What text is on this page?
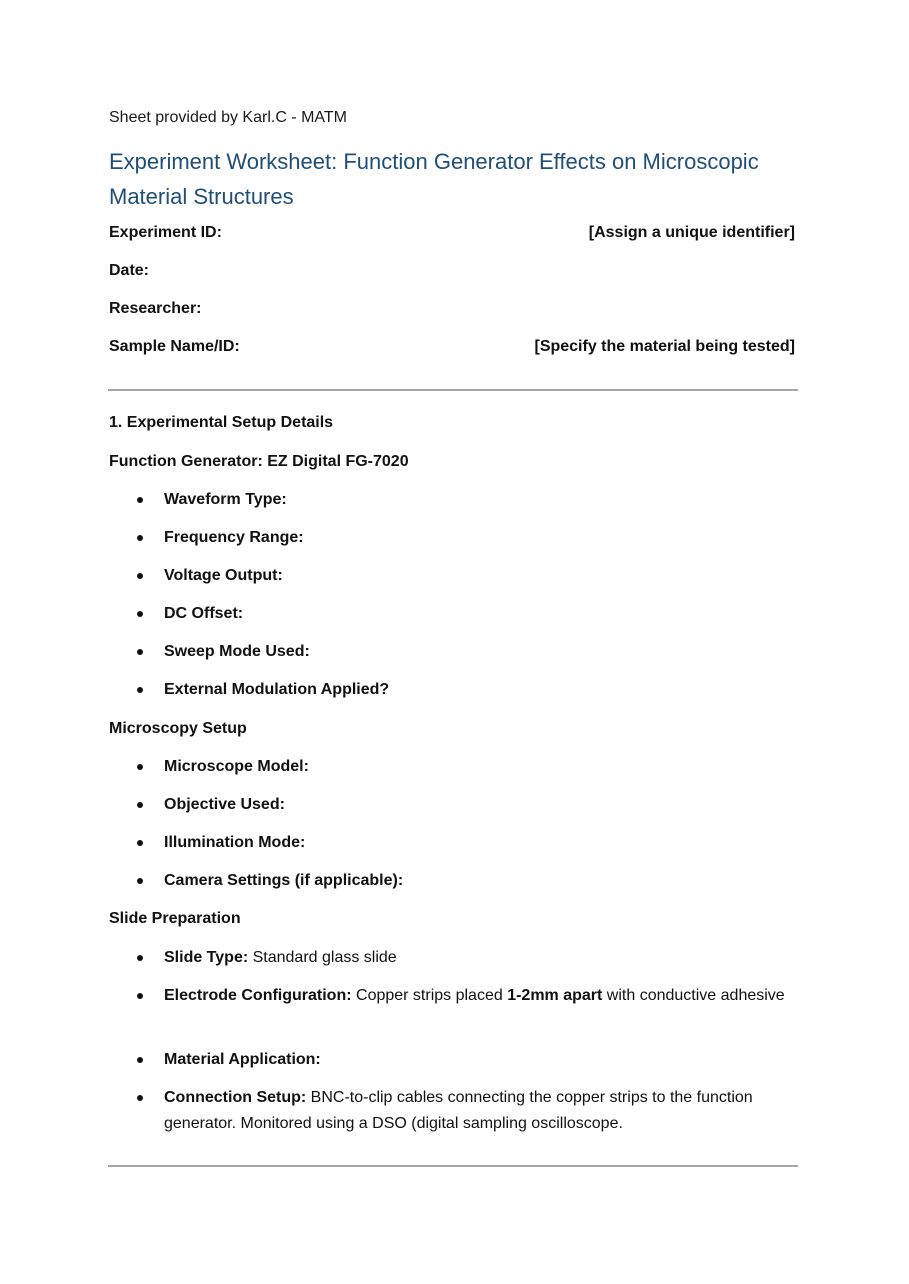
Sheet provided by Karl.C - MATM
Experiment Worksheet: Function Generator Effects on Microscopic Material Structures
Experiment ID:	[Assign a unique identifier]
Date:
Researcher:
Sample Name/ID:	[Specify the material being tested]
1. Experimental Setup Details
Function Generator: EZ Digital FG-7020
Waveform Type:
Frequency Range:
Voltage Output:
DC Offset:
Sweep Mode Used:
External Modulation Applied?
Microscopy Setup
Microscope Model:
Objective Used:
Illumination Mode:
Camera Settings (if applicable):
Slide Preparation
Slide Type: Standard glass slide
Electrode Configuration: Copper strips placed 1-2mm apart with conductive adhesive
Material Application:
Connection Setup: BNC-to-clip cables connecting the copper strips to the function generator. Monitored using a DSO (digital sampling oscilloscope.
